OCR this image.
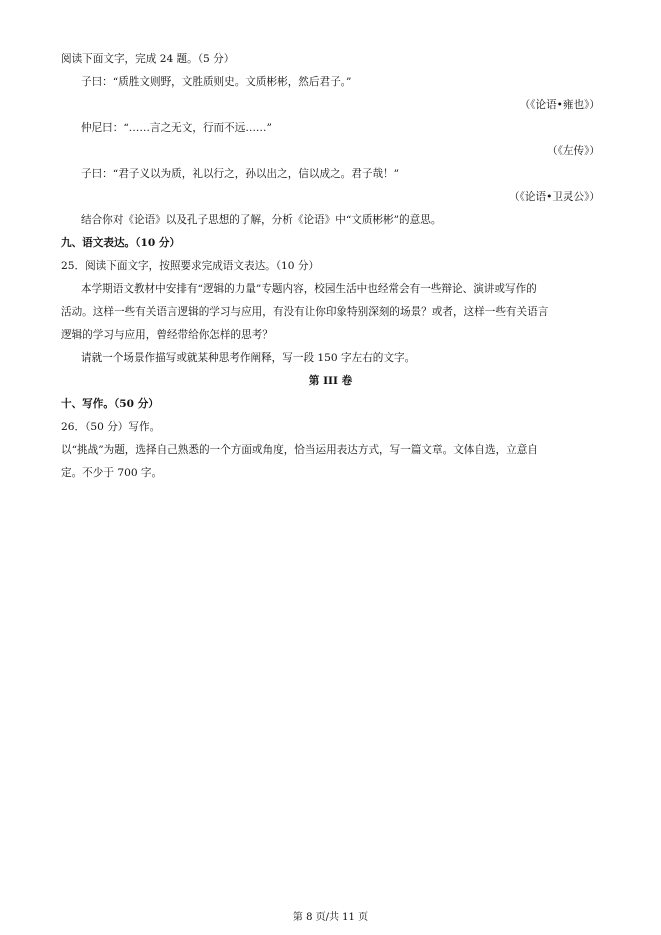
阅读下面文字，完成 24 题。（5 分）
子曰：“质胜文则野，文胜质则史。文质彬彬，然后君子。”
（《论语•雍也》）
仲尼曰：“……言之无文，行而不远……”
（《左传》）
子曰：“君子义以为质，礼以行之，孙以出之，信以成之。君子哉！”
（《论语•卫灵公》）
结合你对《论语》以及孔子思想的了解，分析《论语》中“文质彬彬”的意思。
九、语文表达。（10 分）
25．阅读下面文字，按照要求完成语文表达。（10 分）
本学期语文教材中安排有“逻辑的力量”专题内容，校园生活中也经常会有一些辩论、演讲或写作的
活动。这样一些有关语言逻辑的学习与应用，有没有让你印象特别深刻的场景？或者，这样一些有关语言
逻辑的学习与应用，曾经带给你怎样的思考？
请就一个场景作描写或就某种思考作阐释，写一段 150 字左右的文字。
第 III 卷
十、写作。（50 分）
26．（50 分）写作。
以“挑战”为题，选择自己熟悉的一个方面或角度，恰当运用表达方式，写一篇文章。文体自选，立意自
定。不少于 700 字。
第 8 页/共 11 页
